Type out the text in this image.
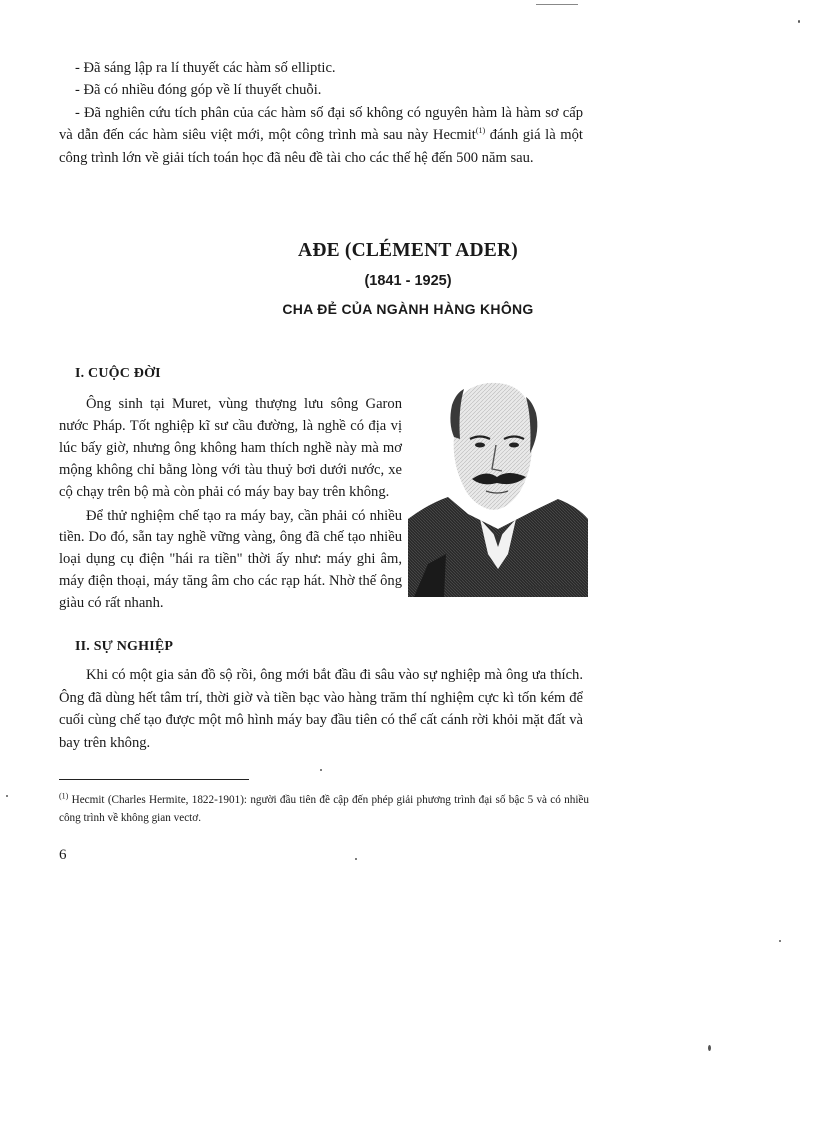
- Đã sáng lập ra lí thuyết các hàm số elliptic.

- Đã có nhiều đóng góp về lí thuyết chuỗi.

- Đã nghiên cứu tích phân của các hàm số đại số không có nguyên hàm là hàm sơ cấp và dẫn đến các hàm siêu việt mới, một công trình mà sau này Hecmit$^{(1)}$ đánh giá là một công trình lớn về giải tích toán học đã nêu đề tài cho các thế hệ đến 500 năm sau.

AĐE (CLÉMENT ADER)
(1841 - 1925)
CHA ĐẺ CỦA NGÀNH HÀNG KHÔNG
I. CUỘC ĐỜI

Ông sinh tại Muret, vùng thượng lưu sông Garon nước Pháp. Tốt nghiệp kĩ sư cầu đường, là nghề có địa vị lúc bấy giờ, nhưng ông không ham thích nghề này mà mơ mộng không chỉ bằng lòng với tàu thuỷ bơi dưới nước, xe cộ chạy trên bộ mà còn phải có máy bay bay trên không.

Để thử nghiệm chế tạo ra máy bay, cần phải có nhiều tiền. Do đó, sẵn tay nghề vững vàng, ông đã chế tạo nhiều loại dụng cụ điện "hái ra tiền" thời ấy như: máy ghi âm, máy điện thoại, máy tăng âm cho các rạp hát. Nhờ thế ông giàu có rất nhanh.

II. SỰ NGHIỆP

Khi có một gia sản đồ sộ rồi, ông mới bắt đầu đi sâu vào sự nghiệp mà ông ưa thích. Ông đã dùng hết tâm trí, thời giờ và tiền bạc vào hàng trăm thí nghiệm cực kì tốn kém để cuối cùng chế tạo được một mô hình máy bay đầu tiên có thể cất cánh rời khỏi mặt đất và bay trên không.

$^{(1)}$ Hecmit (Charles Hermite, 1822-1901): người đầu tiên đề cập đến phép giải phương trình đại số bậc 5 và có nhiều công trình về không gian vectơ.
6
